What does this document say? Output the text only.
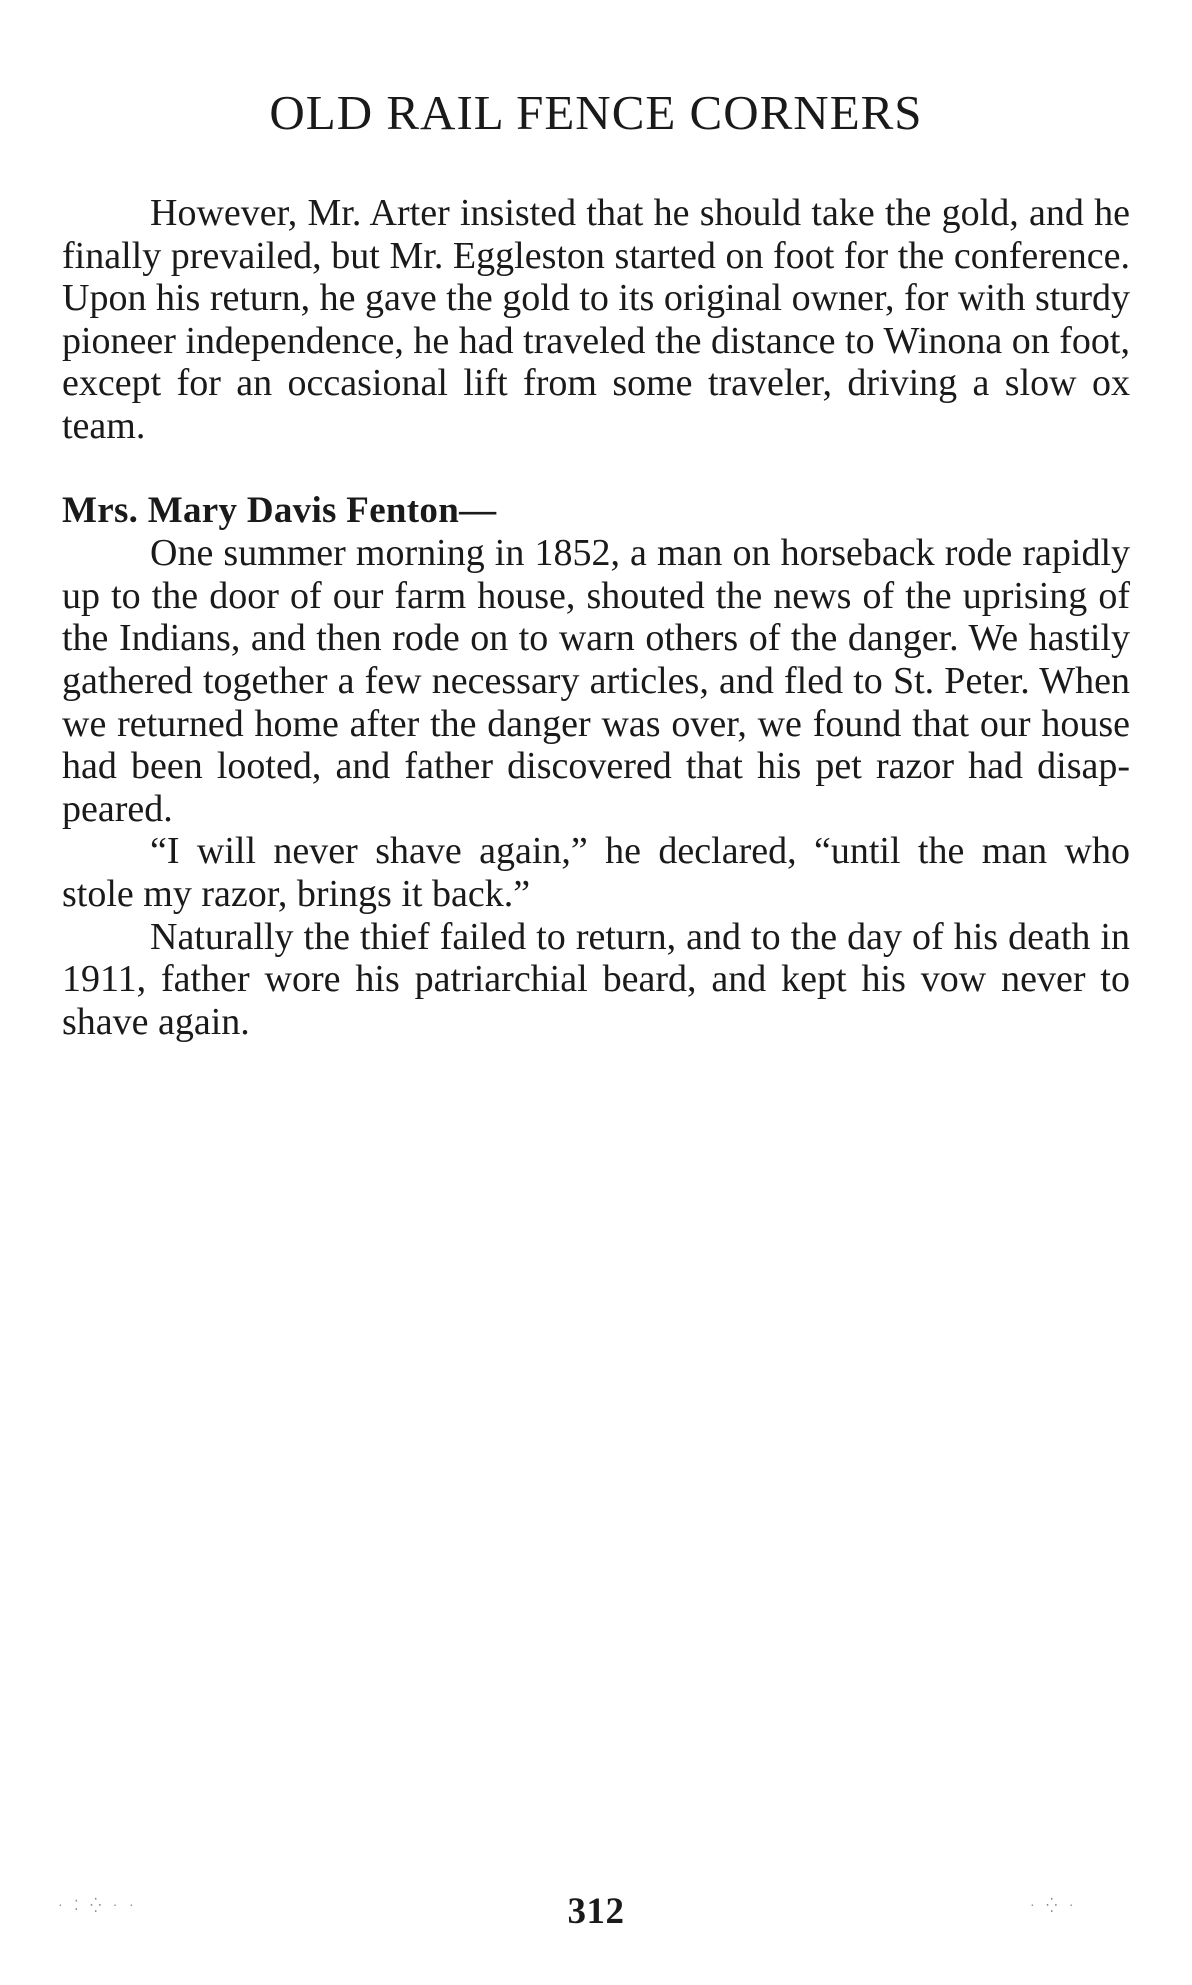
OLD RAIL FENCE CORNERS

However, Mr. Arter insisted that he should take the gold, and he finally prevailed, but Mr. Eggleston started on foot for the conference. Upon his return, he gave the gold to its original owner, for with sturdy pioneer independence, he had traveled the distance to Winona on foot, except for an occasional lift from some traveler, driving a slow ox team.

Mrs. Mary Davis Fenton—

One summer morning in 1852, a man on horseback rode rapidly up to the door of our farm house, shouted the news of the uprising of the Indians, and then rode on to warn others of the danger. We hastily gathered together a few necessary articles, and fled to St. Peter. When we returned home after the danger was over, we found that our house had been looted, and father discovered that his pet razor had disappeared.

“I will never shave again,” he declared, “until the man who stole my razor, brings it back.”

Naturally the thief failed to return, and to the day of his death in 1911, father wore his patriarchial beard, and kept his vow never to shave again.

312
· ⁚ ⁛ · ·	· ⁛ ·
